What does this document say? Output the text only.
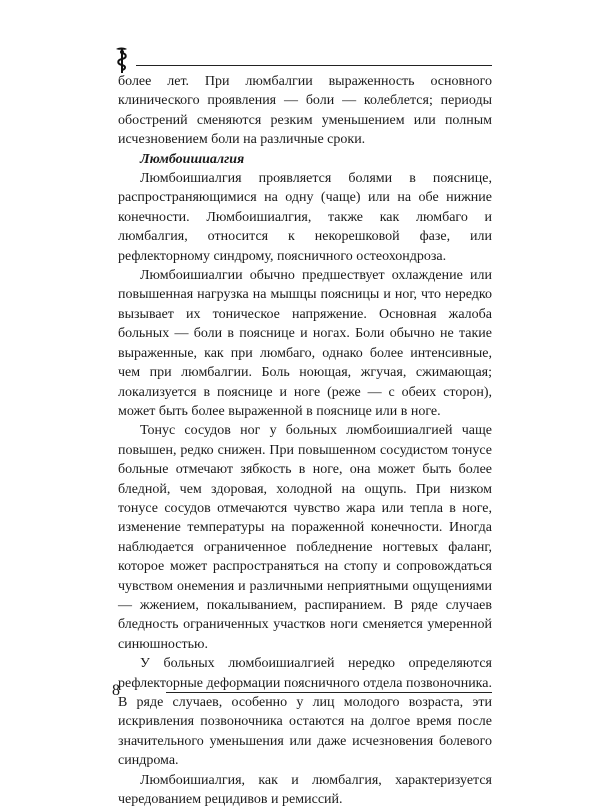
более лет. При люмбалгии выраженность основного клинического проявления — боли — колеблется; периоды обострений сменяются резким уменьшением или полным исчезновением боли на различные сроки.

Люмбоишиалгия

Люмбоишиалгия проявляется болями в пояснице, распространяющимися на одну (чаще) или на обе нижние конечности. Люмбоишиалгия, также как люмбаго и люмбалгия, относится к некорешковой фазе, или рефлекторному синдрому, поясничного остеохондроза.

Люмбоишиалгии обычно предшествует охлаждение или повышенная нагрузка на мышцы поясницы и ног, что нередко вызывает их тоническое напряжение. Основная жалоба больных — боли в пояснице и ногах. Боли обычно не такие выраженные, как при люмбаго, однако более интенсивные, чем при люмбалгии. Боль ноющая, жгучая, сжимающая; локализуется в пояснице и ноге (реже — с обеих сторон), может быть более выраженной в пояснице или в ноге.

Тонус сосудов ног у больных люмбоишиалгией чаще повышен, редко снижен. При повышенном сосудистом тонусе больные отмечают зябкость в ноге, она может быть более бледной, чем здоровая, холодной на ощупь. При низком тонусе сосудов отмечаются чувство жара или тепла в ноге, изменение температуры на пораженной конечности. Иногда наблюдается ограниченное побледнение ногтевых фаланг, которое может распространяться на стопу и сопровождаться чувством онемения и различными неприятными ощущениями — жжением, покалыванием, распиранием. В ряде случаев бледность ограниченных участков ноги сменяется умеренной синюшностью.

У больных люмбоишиалгией нередко определяются рефлекторные деформации поясничного отдела позвоночника. В ряде случаев, особенно у лиц молодого возраста, эти искривления позвоночника остаются на долгое время после значительного уменьшения или даже исчезновения болевого синдрома.

Люмбоишиалгия, как и люмбалгия, характеризуется чередованием рецидивов и ремиссий.

8
